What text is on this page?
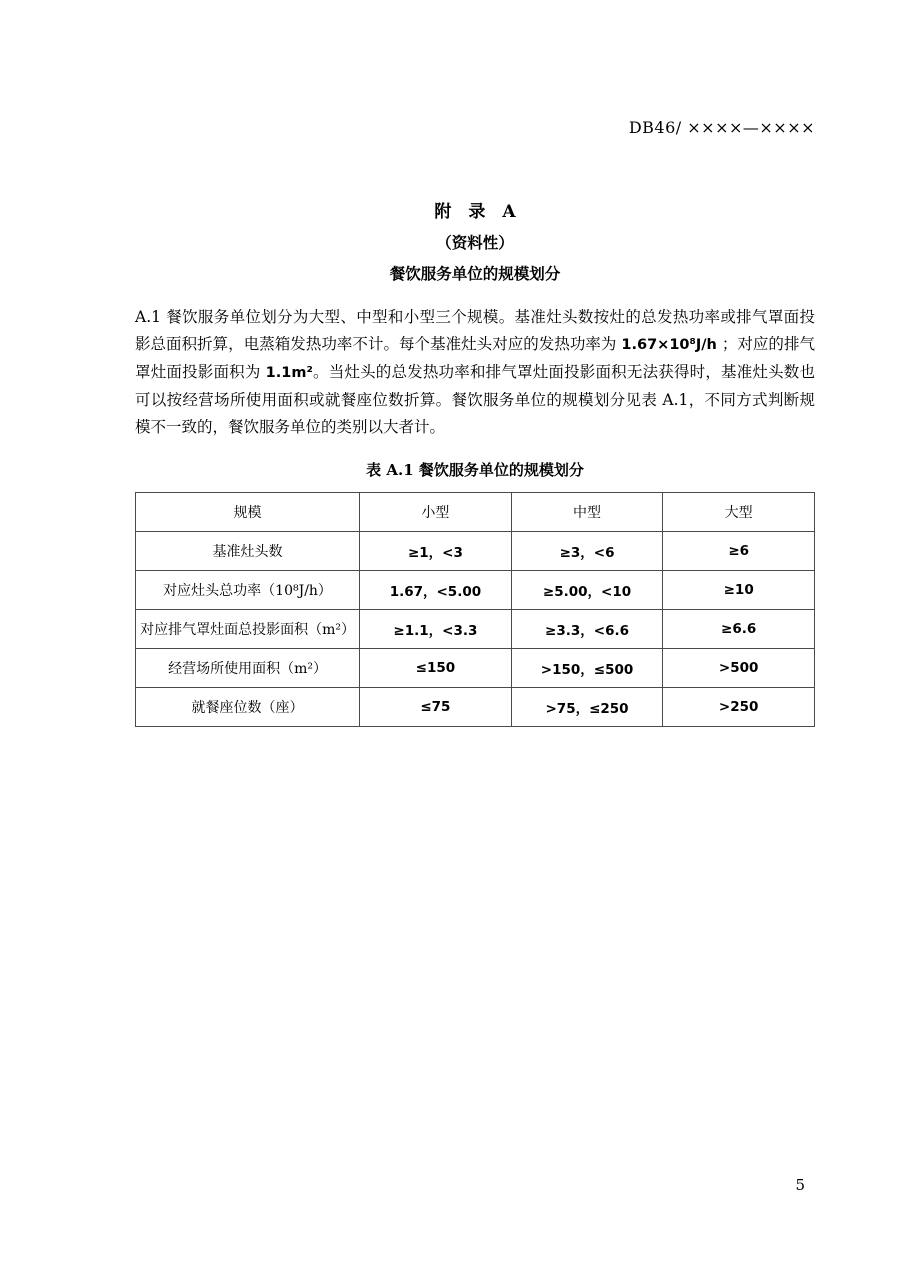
DB46/ ××××—××××
附　录　A
（资料性）
餐饮服务单位的规模划分

A.1 餐饮服务单位划分为大型、中型和小型三个规模。基准灶头数按灶的总发热功率或排气罩面投影总面积折算，电蒸箱发热功率不计。每个基准灶头对应的发热功率为 1.67×10⁸J/h ；对应的排气罩灶面投影面积为 1.1m²。当灶头的总发热功率和排气罩灶面投影面积无法获得时，基准灶头数也可以按经营场所使用面积或就餐座位数折算。餐饮服务单位的规模划分见表 A.1，不同方式判断规模不一致的，餐饮服务单位的类别以大者计。

表 A.1 餐饮服务单位的规模划分
规模	小型	中型	大型
基准灶头数	≥1，<3	≥3，<6	≥6
对应灶头总功率（10⁸J/h）	1.67，<5.00	≥5.00，<10	≥10
对应排气罩灶面总投影面积（m²）	≥1.1，<3.3	≥3.3，<6.6	≥6.6
经营场所使用面积（m²）	≤150	>150，≤500	>500
就餐座位数（座）	≤75	>75，≤250	>250
5
